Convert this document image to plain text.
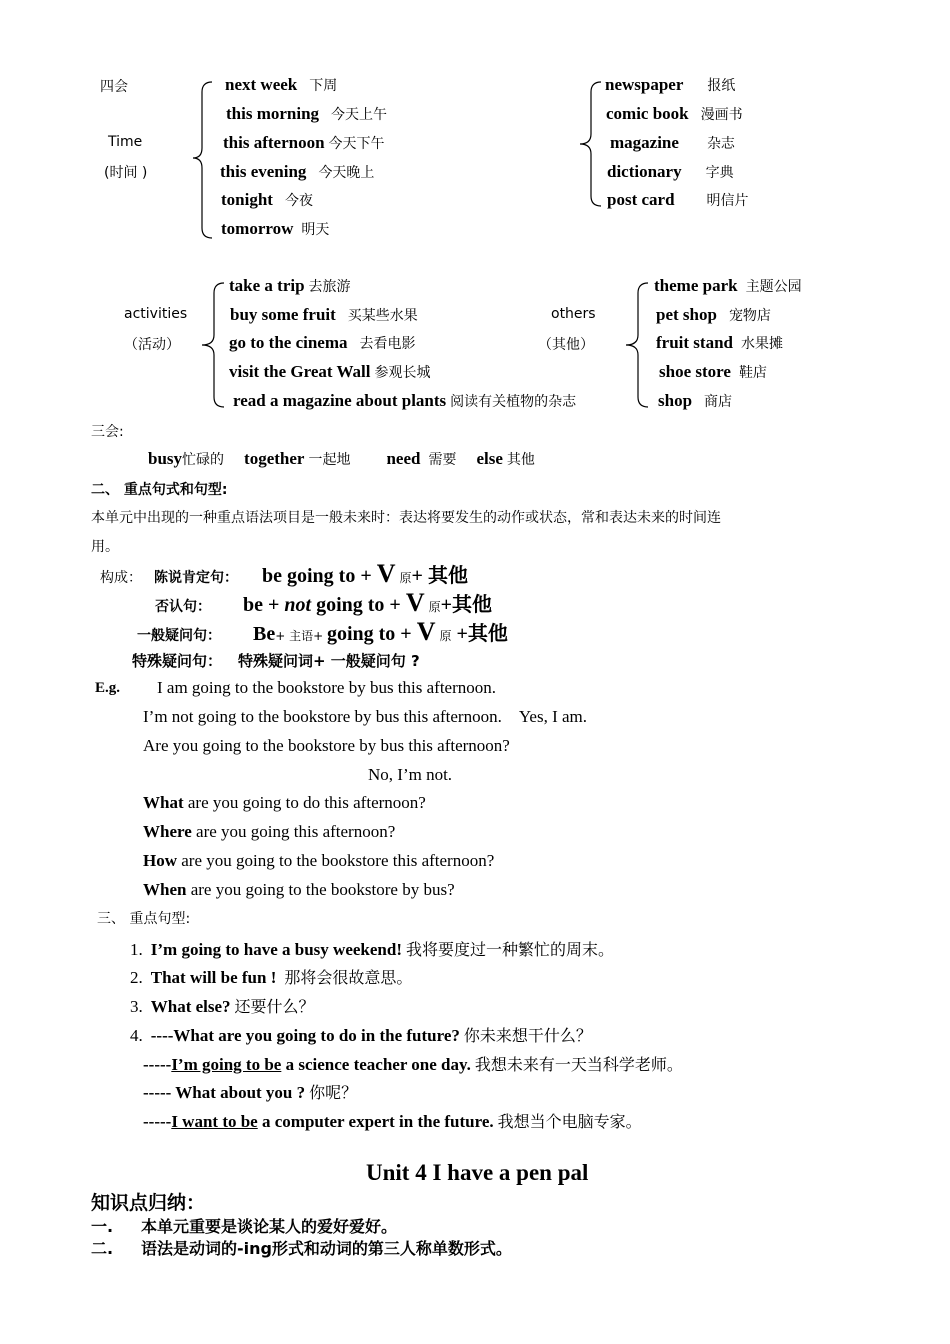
四会
Time
(时间 )
next week 下周
this morning 今天上午
this afternoon 今天下午
this evening 今天晚上
tonight 今夜
tomorrow 明天
newspaper 报纸
comic book 漫画书
magazine 杂志
dictionary 字典
post card 明信片
activities
（活动）
take a trip 去旅游
buy some fruit 买某些水果
go to the cinema 去看电影
visit the Great Wall 参观长城
read a magazine about plants 阅读有关植物的杂志
others
（其他）
theme park 主题公园
pet shop 宠物店
fruit stand 水果摊
shoe store 鞋店
shop 商店
三会:
busy忙碌的 together 一起地 need 需要 else 其他
二、 重点句式和句型:
本单元中出现的一种重点语法项目是一般未来时：表达将要发生的动作或状态，常和表达未来的时间连
用。
构成： 陈说肯定句： be going to + V 原+ 其他
否认句： be + not going to + V 原+其他
一般疑问句： Be+ 主语+ going to + V 原 +其他
特殊疑问句： 特殊疑问词+ 一般疑问句 ?
E.g. I am going to the bookstore by bus this afternoon.
I’m not going to the bookstore by bus this afternoon. Yes, I am.
Are you going to the bookstore by bus this afternoon?
No, I’m not.
What are you going to do this afternoon?
Where are you going this afternoon?
How are you going to the bookstore this afternoon?
When are you going to the bookstore by bus?
三、 重点句型:
1. I’m going to have a busy weekend! 我将要度过一种繁忙的周末。
2. That will be fun ! 那将会很故意思。
3. What else? 还要什么？
4. ----What are you going to do in the future? 你未来想干什么？
-----I’m going to be a science teacher one day. 我想未来有一天当科学老师。
----- What about you ? 你呢？
-----I want to be a computer expert in the future. 我想当个电脑专家。
Unit 4 I have a pen pal
知识点归纳：
一. 本单元重要是谈论某人的爱好爱好。
二. 语法是动词的-ing形式和动词的第三人称单数形式。
